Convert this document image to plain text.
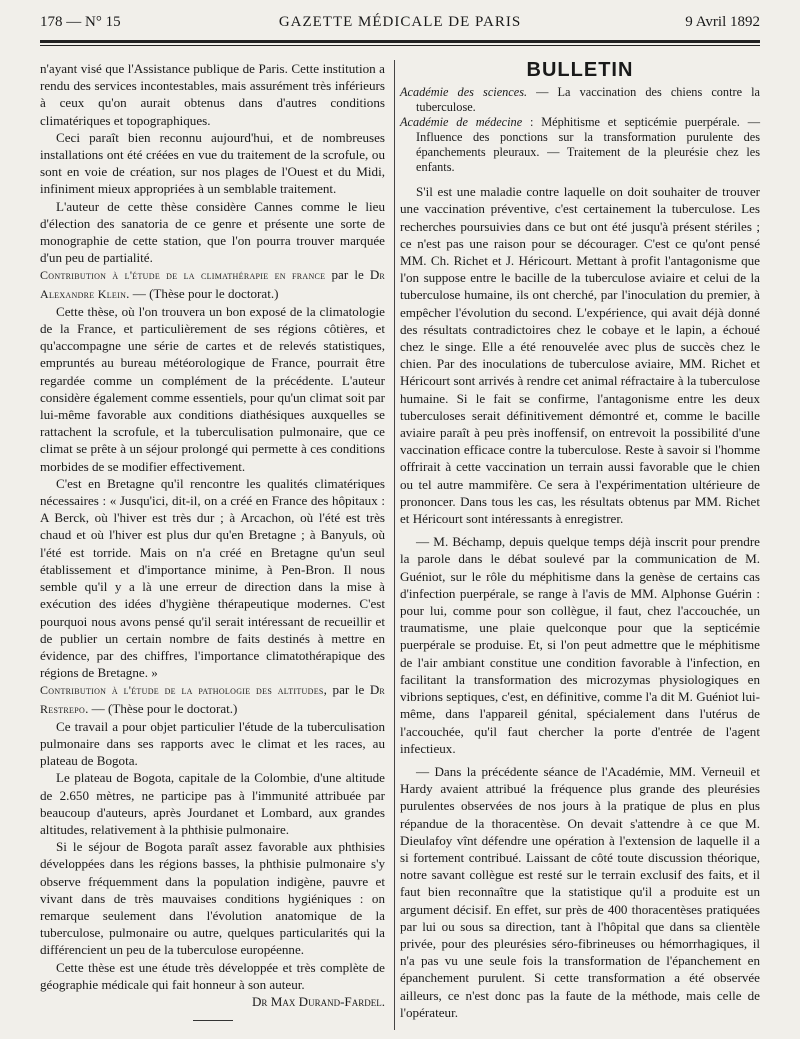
178 — N° 15	GAZETTE MÉDICALE DE PARIS	9 Avril 1892

n'ayant visé que l'Assistance publique de Paris. Cette institution a rendu des services incontestables, mais assurément très inférieurs à ceux qu'on aurait obtenus dans d'autres conditions climatériques et topographiques.

Ceci paraît bien reconnu aujourd'hui, et de nombreuses installations ont été créées en vue du traitement de la scrofule, ou sont en voie de création, sur nos plages de l'Ouest et du Midi, infiniment mieux appropriées à un semblable traitement.

L'auteur de cette thèse considère Cannes comme le lieu d'élection des sanatoria de ce genre et présente une sorte de monographie de cette station, que l'on pourra trouver marquée d'un peu de partialité.

Contribution à l'étude de la climathérapie en france par le Dr Alexandre Klein. — (Thèse pour le doctorat.)

Cette thèse, où l'on trouvera un bon exposé de la climatologie de la France, et particulièrement de ses régions côtières, et qu'accompagne une série de cartes et de relevés statistiques, empruntés au bureau météorologique de France, pourrait être regardée comme un complément de la précédente. L'auteur considère également comme essentiels, pour qu'un climat soit par lui-même favorable aux conditions diathésiques auxquelles se rattachent la scrofule, et la tuberculisation pulmonaire, que ce climat se prête à un séjour prolongé qui permette à ces conditions morbides de se modifier effectivement.

C'est en Bretagne qu'il rencontre les qualités climatériques nécessaires : « Jusqu'ici, dit-il, on a créé en France des hôpitaux : A Berck, où l'hiver est très dur ; à Arcachon, où l'été est très chaud et où l'hiver est plus dur qu'en Bretagne ; à Banyuls, où l'été est torride. Mais on n'a créé en Bretagne qu'un seul établissement et d'importance minime, à Pen-Bron. Il nous semble qu'il y a là une erreur de direction dans la mise à exécution des idées d'hygiène thérapeutique modernes. C'est pourquoi nous avons pensé qu'il serait intéressant de recueillir et de publier un certain nombre de faits destinés à mettre en évidence, par des chiffres, l'importance climatothérapique des régions de Bretagne. »

Contribution à l'étude de la pathologie des altitudes, par le Dr Restrepo. — (Thèse pour le doctorat.)

Ce travail a pour objet particulier l'étude de la tuberculisation pulmonaire dans ses rapports avec le climat et les races, au plateau de Bogota.

Le plateau de Bogota, capitale de la Colombie, d'une altitude de 2.650 mètres, ne participe pas à l'immunité attribuée par beaucoup d'auteurs, après Jourdanet et Lombard, aux grandes altitudes, relativement à la phthisie pulmonaire.

Si le séjour de Bogota paraît assez favorable aux phthisies développées dans les régions basses, la phthisie pulmonaire s'y observe fréquemment dans la population indigène, pauvre et vivant dans de très mauvaises conditions hygiéniques : on remarque seulement dans l'évolution anatomique de la tuberculose, pulmonaire ou autre, quelques particularités qui la différencient un peu de la tuberculose européenne.

Cette thèse est une étude très développée et très complète de géographie médicale qui fait honneur à son auteur.

Dr Max Durand-Fardel.

BULLETIN

Académie des sciences. — La vaccination des chiens contre la tuberculose.

Académie de médecine : Méphitisme et septicémie puerpérale. — Influence des ponctions sur la transformation purulente des épanchements pleuraux. — Traitement de la pleurésie chez les enfants.

S'il est une maladie contre laquelle on doit souhaiter de trouver une vaccination préventive, c'est certainement la tuberculose. Les recherches poursuivies dans ce but ont été jusqu'à présent stériles ; ce n'est pas une raison pour se décourager. C'est ce qu'ont pensé MM. Ch. Richet et J. Héricourt. Mettant à profit l'antagonisme que l'on suppose entre le bacille de la tuberculose aviaire et celui de la tuberculose humaine, ils ont cherché, par l'inoculation du premier, à empêcher l'évolution du second. L'expérience, qui avait déjà donné des résultats contradictoires chez le cobaye et le lapin, a échoué chez le singe. Elle a été renouvelée avec plus de succès chez le chien. Par des inoculations de tuberculose aviaire, MM. Richet et Héricourt sont arrivés à rendre cet animal réfractaire à la tuberculose humaine. Si le fait se confirme, l'antagonisme entre les deux tuberculoses serait définitivement démontré et, comme le bacille aviaire paraît à peu près inoffensif, on entrevoit la possibilité d'une vaccination efficace contre la tuberculose. Reste à savoir si l'homme offrirait à cette vaccination un terrain aussi favorable que le chien ou tel autre mammifère. Ce sera à l'expérimentation ultérieure de prononcer. Dans tous les cas, les résultats obtenus par MM. Richet et Héricourt sont intéressants à enregistrer.

— M. Béchamp, depuis quelque temps déjà inscrit pour prendre la parole dans le débat soulevé par la communication de M. Guéniot, sur le rôle du méphitisme dans la genèse de certains cas d'infection puerpérale, se range à l'avis de MM. Alphonse Guérin : pour lui, comme pour son collègue, il faut, chez l'accouchée, un traumatisme, une plaie quelconque pour que la septicémie puerpérale se produise. Et, si l'on peut admettre que le méphitisme de l'air ambiant constitue une condition favorable à l'infection, en facilitant la transformation des microzymas physiologiques en vibrions septiques, c'est, en définitive, comme l'a dit M. Guéniot lui-même, dans l'appareil génital, spécialement dans l'utérus de l'accouchée, qu'il faut chercher la porte d'entrée de l'agent infectieux.

— Dans la précédente séance de l'Académie, MM. Verneuil et Hardy avaient attribué la fréquence plus grande des pleurésies purulentes observées de nos jours à la pratique de plus en plus répandue de la thoracentèse. On devait s'attendre à ce que M. Dieulafoy vînt défendre une opération à l'extension de laquelle il a si fortement contribué. Laissant de côté toute discussion théorique, notre savant collègue est resté sur le terrain exclusif des faits, et il faut bien reconnaître que la statistique qu'il a produite est un argument décisif. En effet, sur près de 400 thoracentèses pratiquées par lui ou sous sa direction, tant à l'hôpital que dans sa clientèle privée, pour des pleurésies séro-fibrineuses ou hémorrhagiques, il n'a pas vu une seule fois la transformation de l'épanchement en épanchement purulent. Si cette transformation a été observée ailleurs, ce n'est donc pas la faute de la méthode, mais celle de l'opérateur.
